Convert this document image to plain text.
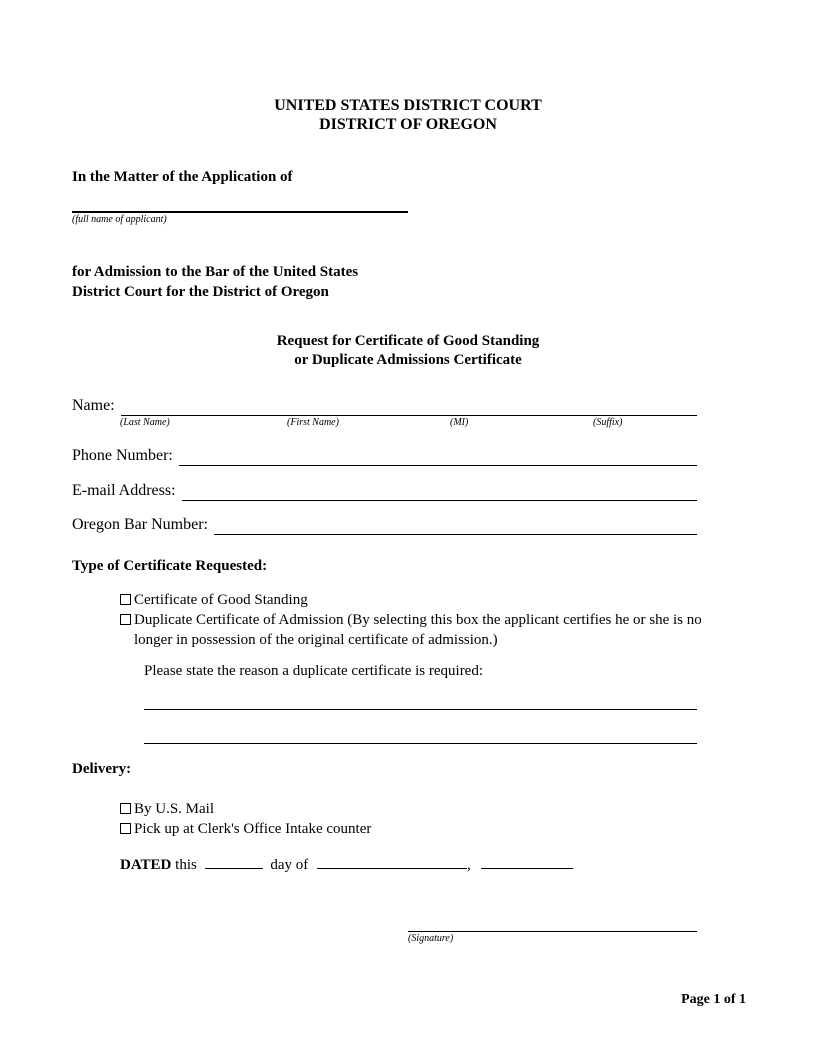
UNITED STATES DISTRICT COURT
DISTRICT OF OREGON
In the Matter of the Application of
(full name of applicant)
for Admission to the Bar of the United States
District Court for the District of Oregon
Request for Certificate of Good Standing
or Duplicate Admissions Certificate
Name:
(Last Name)	(First Name)	(MI)	(Suffix)
Phone Number:
E-mail Address:
Oregon Bar Number:
Type of Certificate Requested:
Certificate of Good Standing
Duplicate Certificate of Admission (By selecting this box the applicant certifies he or she is no longer in possession of the original certificate of admission.)
Please state the reason a duplicate certificate is required:
Delivery:
By U.S. Mail
Pick up at Clerk's Office Intake counter
DATED this	day of	,
(Signature)
Page 1 of 1
